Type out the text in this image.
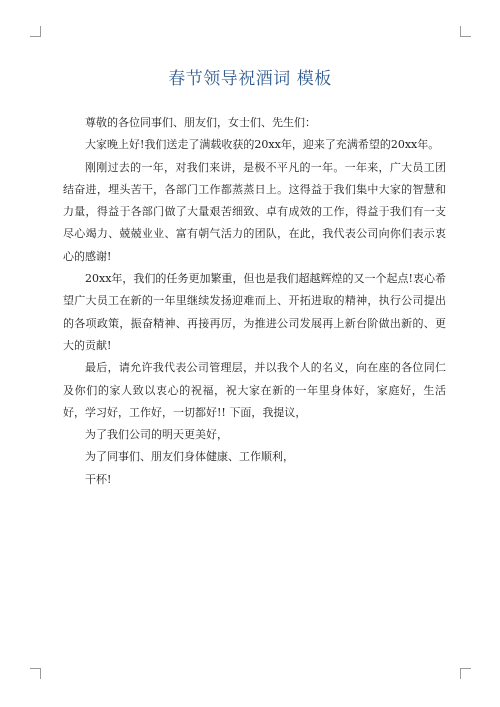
春节领导祝酒词 模板

尊敬的各位同事们、朋友们，女士们、先生们：

大家晚上好!我们送走了满载收获的20xx年，迎来了充满希望的20xx年。

刚刚过去的一年，对我们来讲，是极不平凡的一年。一年来，广大员工团结奋进，埋头苦干，各部门工作都蒸蒸日上。这得益于我们集中大家的智慧和力量，得益于各部门做了大量艰苦细致、卓有成效的工作，得益于我们有一支尽心竭力、兢兢业业、富有朝气活力的团队，在此，我代表公司向你们表示衷心的感谢!

20xx年，我们的任务更加繁重，但也是我们超越辉煌的又一个起点!衷心希望广大员工在新的一年里继续发扬迎难而上、开拓进取的精神，执行公司提出的各项政策，振奋精神、再接再厉，为推进公司发展再上新台阶做出新的、更大的贡献!

最后，请允许我代表公司管理层，并以我个人的名义，向在座的各位同仁及你们的家人致以衷心的祝福，祝大家在新的一年里身体好，家庭好，生活好，学习好，工作好，一切都好!! 下面，我提议，

为了我们公司的明天更美好，

为了同事们、朋友们身体健康、工作顺利，

干杯!
